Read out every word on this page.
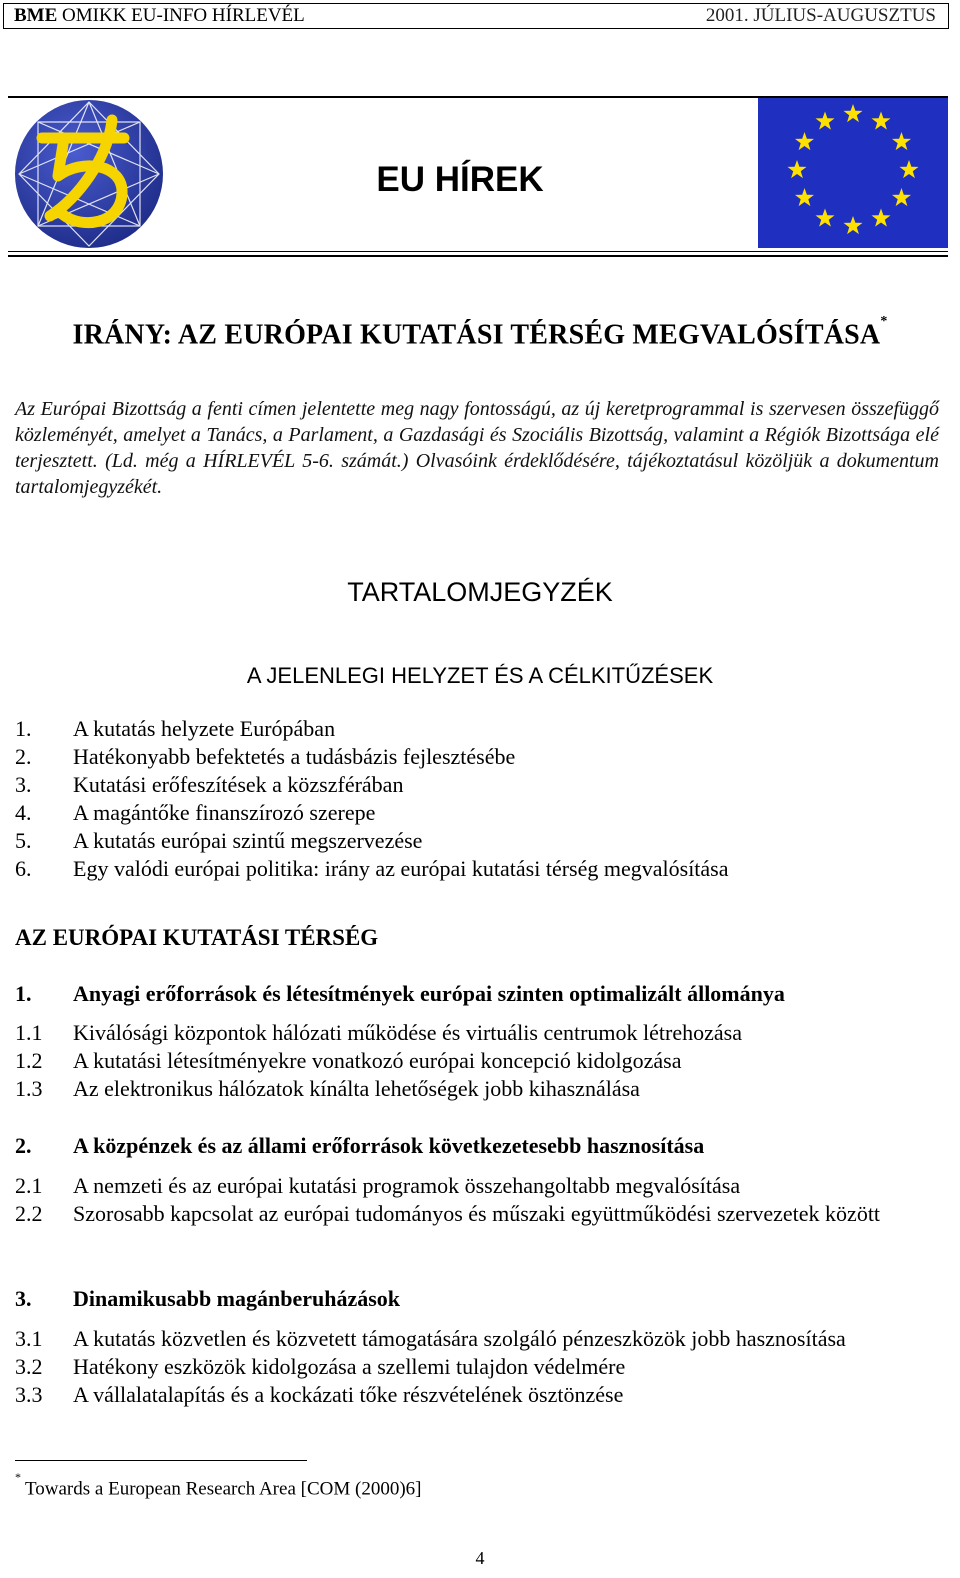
BME OMIKK EU-INFO HÍRLEVÉL	2001. JÚLIUS-AUGUSZTUS
EU HÍREK
IRÁNY: AZ EURÓPAI KUTATÁSI TÉRSÉG MEGVALÓSÍTÁSA*
Az Európai Bizottság a fenti címen jelentette meg nagy fontosságú, az új keretprogrammal is szervesen összefüggő közleményét, amelyet a Tanács, a Parlament, a Gazdasági és Szociális Bizottság, valamint a Régiók Bizottsága elé terjesztett. (Ld. még a HÍRLEVÉL 5-6. számát.) Olvasóink érdeklődésére, tájékoztatásul közöljük a dokumentum tartalomjegyzékét.
TARTALOMJEGYZÉK
A JELENLEGI HELYZET ÉS A CÉLKITŰZÉSEK
1. A kutatás helyzete Európában
2. Hatékonyabb befektetés a tudásbázis fejlesztésébe
3. Kutatási erőfeszítések a közszférában
4. A magántőke finanszírozó szerepe
5. A kutatás európai szintű megszervezése
6. Egy valódi európai politika: irány az európai kutatási térség megvalósítása
AZ EURÓPAI KUTATÁSI TÉRSÉG
1. Anyagi erőforrások és létesítmények európai szinten optimalizált állománya
1.1 Kiválósági központok hálózati működése és virtuális centrumok létrehozása
1.2 A kutatási létesítményekre vonatkozó európai koncepció kidolgozása
1.3 Az elektronikus hálózatok kínálta lehetőségek jobb kihasználása
2. A közpénzek és az állami erőforrások következetesebb hasznosítása
2.1 A nemzeti és az európai kutatási programok összehangoltabb megvalósítása
2.2 Szorosabb kapcsolat az európai tudományos és műszaki együttműködési szervezetek között
3. Dinamikusabb magánberuházások
3.1 A kutatás közvetlen és közvetett támogatására szolgáló pénzeszközök jobb hasznosítása
3.2 Hatékony eszközök kidolgozása a szellemi tulajdon védelmére
3.3 A vállalatalapítás és a kockázati tőke részvételének ösztönzése
*Towards a European Research Area [COM (2000)6]
4
